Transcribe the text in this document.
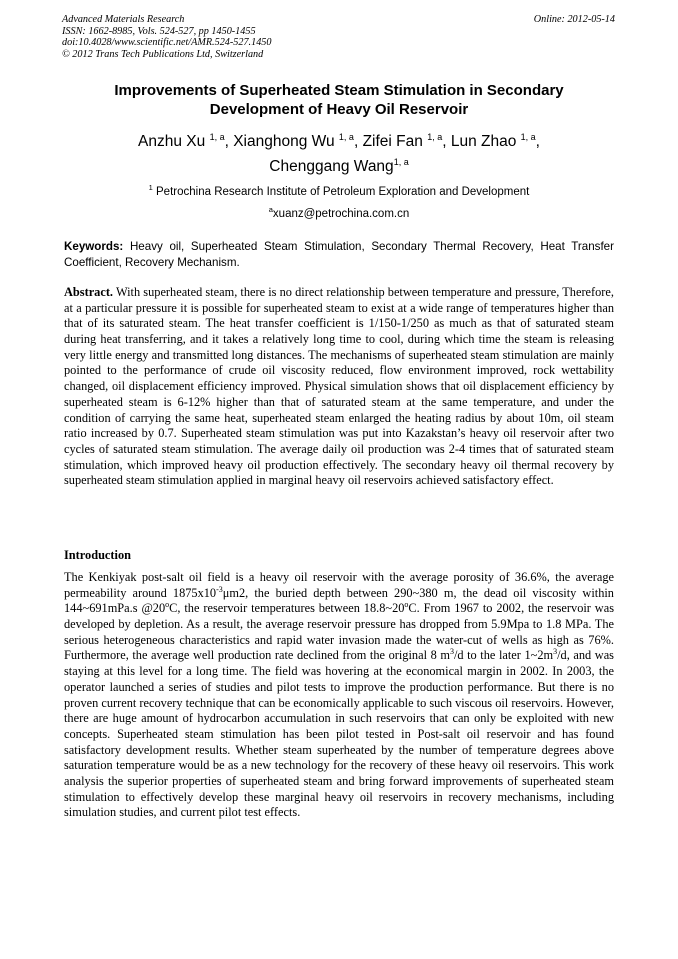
Advanced Materials Research
ISSN: 1662-8985, Vols. 524-527, pp 1450-1455
doi:10.4028/www.scientific.net/AMR.524-527.1450
© 2012 Trans Tech Publications Ltd, Switzerland
Online: 2012-05-14
Improvements of Superheated Steam Stimulation in Secondary
Development of Heavy Oil Reservoir
Anzhu Xu $^{1, a}$, Xianghong Wu $^{1, a}$, Zifei Fan $^{1, a}$, Lun Zhao $^{1, a}$,
Chenggang Wang$^{1, a}$
$^1$ Petrochina Research Institute of Petroleum Exploration and Development
$^a$xuanz@petrochina.com.cn
Keywords: Heavy oil, Superheated Steam Stimulation, Secondary Thermal Recovery, Heat Transfer Coefficient, Recovery Mechanism.
Abstract. With superheated steam, there is no direct relationship between temperature and pressure, Therefore, at a particular pressure it is possible for superheated steam to exist at a wide range of temperatures higher than that of its saturated steam. The heat transfer coefficient is 1/150-1/250 as much as that of saturated steam during heat transferring, and it takes a relatively long time to cool, during which time the steam is releasing very little energy and transmitted long distances. The mechanisms of superheated steam stimulation are mainly pointed to the performance of crude oil viscosity reduced, flow environment improved, rock wettability changed, oil displacement efficiency improved. Physical simulation shows that oil displacement efficiency by superheated steam is 6-12% higher than that of saturated steam at the same temperature, and under the condition of carrying the same heat, superheated steam enlarged the heating radius by about 10m, oil steam ratio increased by 0.7. Superheated steam stimulation was put into Kazakstan’s heavy oil reservoir after two cycles of saturated steam stimulation. The average daily oil production was 2-4 times that of saturated steam stimulation, which improved heavy oil production effectively. The secondary heavy oil thermal recovery by superheated steam stimulation applied in marginal heavy oil reservoirs achieved satisfactory effect.
Introduction
The Kenkiyak post-salt oil field is a heavy oil reservoir with the average porosity of 36.6%, the average permeability around $1875x10^{-3}\mu m2$, the buried depth between 290~380 m, the dead oil viscosity within 144~691mPa.s @20$^o$C, the reservoir temperatures between 18.8~20$^o$C. From 1967 to 2002, the reservoir was developed by depletion. As a result, the average reservoir pressure has dropped from 5.9Mpa to 1.8 MPa. The serious heterogeneous characteristics and rapid water invasion made the water-cut of wells as high as 76%. Furthermore, the average well production rate declined from the original 8 $m^3/d$ to the later $1\sim 2m^3/d$, and was staying at this level for a long time. The field was hovering at the economical margin in 2002. In 2003, the operator launched a series of studies and pilot tests to improve the production performance. But there is no proven current recovery technique that can be economically applicable to such viscous oil reservoirs. However, there are huge amount of hydrocarbon accumulation in such reservoirs that can only be exploited with new concepts. Superheated steam stimulation has been pilot tested in Post-salt oil reservoir and has found satisfactory development results. Whether steam superheated by the number of temperature degrees above saturation temperature would be as a new technology for the recovery of these heavy oil reservoirs. This work analysis the superior properties of superheated steam and bring forward improvements of superheated steam stimulation to effectively develop these marginal heavy oil reservoirs in recovery mechanisms, including simulation studies, and current pilot test effects.
